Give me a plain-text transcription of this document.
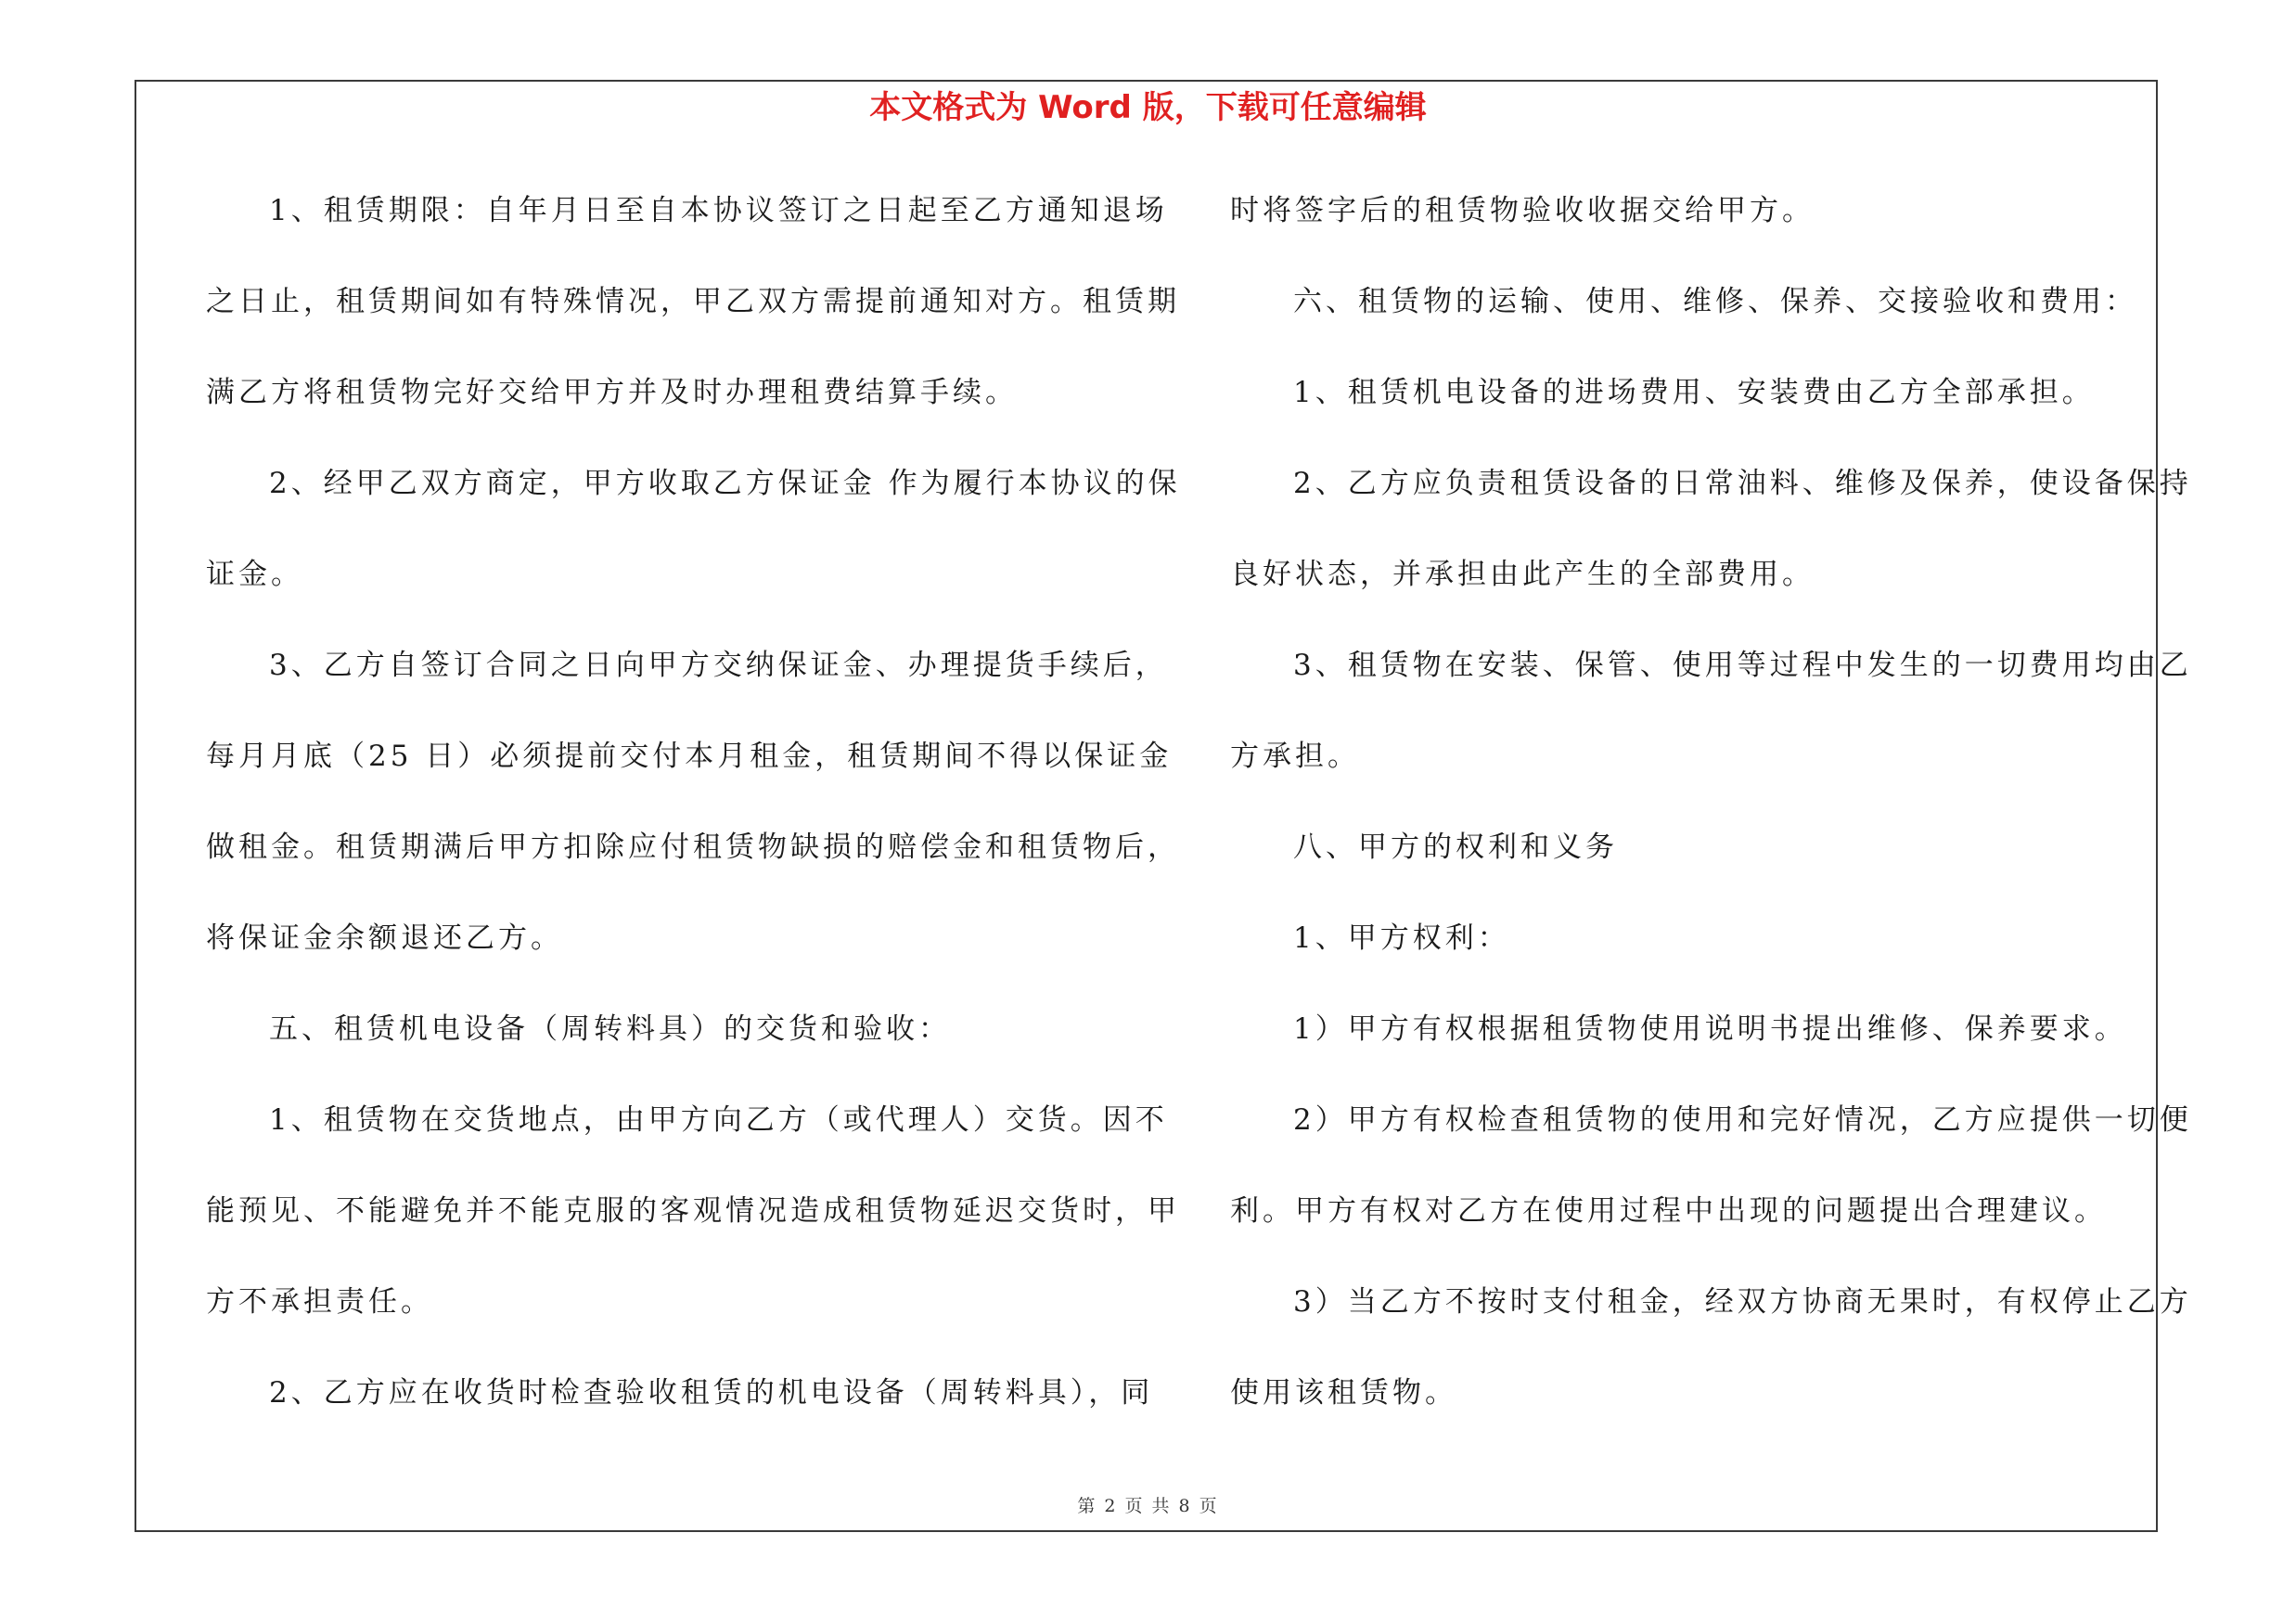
本文格式为 Word 版，下载可任意编辑
1、租赁期限：自年月日至自本协议签订之日起至乙方通知退场
之日止，租赁期间如有特殊情况，甲乙双方需提前通知对方。租赁期
满乙方将租赁物完好交给甲方并及时办理租费结算手续。
2、经甲乙双方商定，甲方收取乙方保证金 作为履行本协议的保
证金。
3、乙方自签订合同之日向甲方交纳保证金、办理提货手续后，
每月月底（25 日）必须提前交付本月租金，租赁期间不得以保证金
做租金。租赁期满后甲方扣除应付租赁物缺损的赔偿金和租赁物后，
将保证金余额退还乙方。
五、租赁机电设备（周转料具）的交货和验收：
1、租赁物在交货地点，由甲方向乙方（或代理人）交货。因不
能预见、不能避免并不能克服的客观情况造成租赁物延迟交货时，甲
方不承担责任。
2、乙方应在收货时检查验收租赁的机电设备（周转料具），同
时将签字后的租赁物验收收据交给甲方。
六、租赁物的运输、使用、维修、保养、交接验收和费用：
1、租赁机电设备的进场费用、安装费由乙方全部承担。
2、乙方应负责租赁设备的日常油料、维修及保养，使设备保持
良好状态，并承担由此产生的全部费用。
3、租赁物在安装、保管、使用等过程中发生的一切费用均由乙
方承担。
八、甲方的权利和义务
1、甲方权利：
1）甲方有权根据租赁物使用说明书提出维修、保养要求。
2）甲方有权检查租赁物的使用和完好情况，乙方应提供一切便
利。甲方有权对乙方在使用过程中出现的问题提出合理建议。
3）当乙方不按时支付租金，经双方协商无果时，有权停止乙方
使用该租赁物。
第 2 页 共 8 页
